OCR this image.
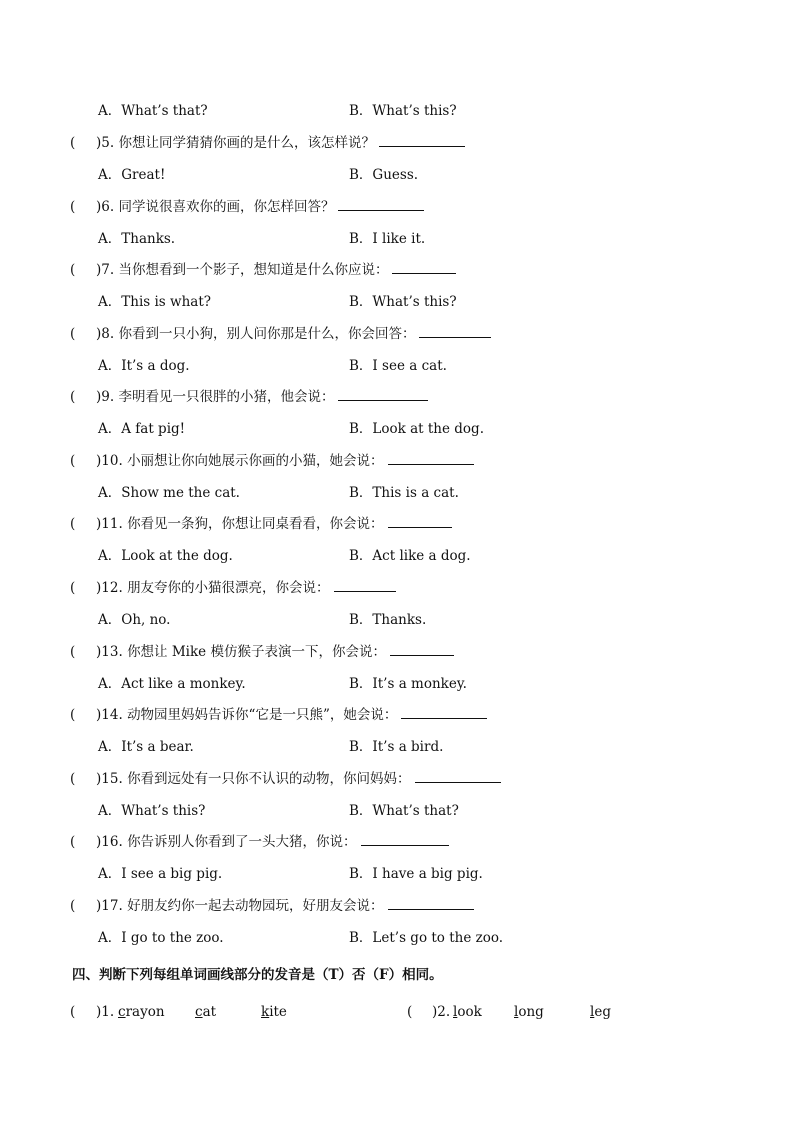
A．What’s that?	B．What’s this?
( )5. 你想让同学猜猜你画的是什么，该怎样说？
A．Great!	B．Guess.
( )6. 同学说很喜欢你的画，你怎样回答？
A．Thanks.	B．I like it.
( )7. 当你想看到一个影子，想知道是什么你应说：
A．This is what?	B．What’s this?
( )8. 你看到一只小狗，别人问你那是什么，你会回答：
A．It’s a dog.	B．I see a cat.
( )9. 李明看见一只很胖的小猪，他会说：
A．A fat pig!	B．Look at the dog.
( )10. 小丽想让你向她展示你画的小猫，她会说：
A．Show me the cat.	B．This is a cat.
( )11. 你看见一条狗，你想让同桌看看，你会说：
A．Look at the dog.	B．Act like a dog.
( )12. 朋友夸你的小猫很漂亮，你会说：
A．Oh, no.	B．Thanks.
( )13. 你想让 Mike 模仿猴子表演一下，你会说：
A．Act like a monkey.	B．It’s a monkey.
( )14. 动物园里妈妈告诉你“它是一只熊”，她会说：
A．It’s a bear.	B．It’s a bird.
( )15. 你看到远处有一只你不认识的动物，你问妈妈：
A．What’s this?	B．What’s that?
( )16. 你告诉别人你看到了一头大猪，你说：
A．I see a big pig.	B．I have a big pig.
( )17. 好朋友约你一起去动物园玩，好朋友会说：
A．I go to the zoo.	B．Let’s go to the zoo.
四、判断下列每组单词画线部分的发音是（T）否（F）相同。
( )1. crayon cat	kite	( )2. look long	leg
